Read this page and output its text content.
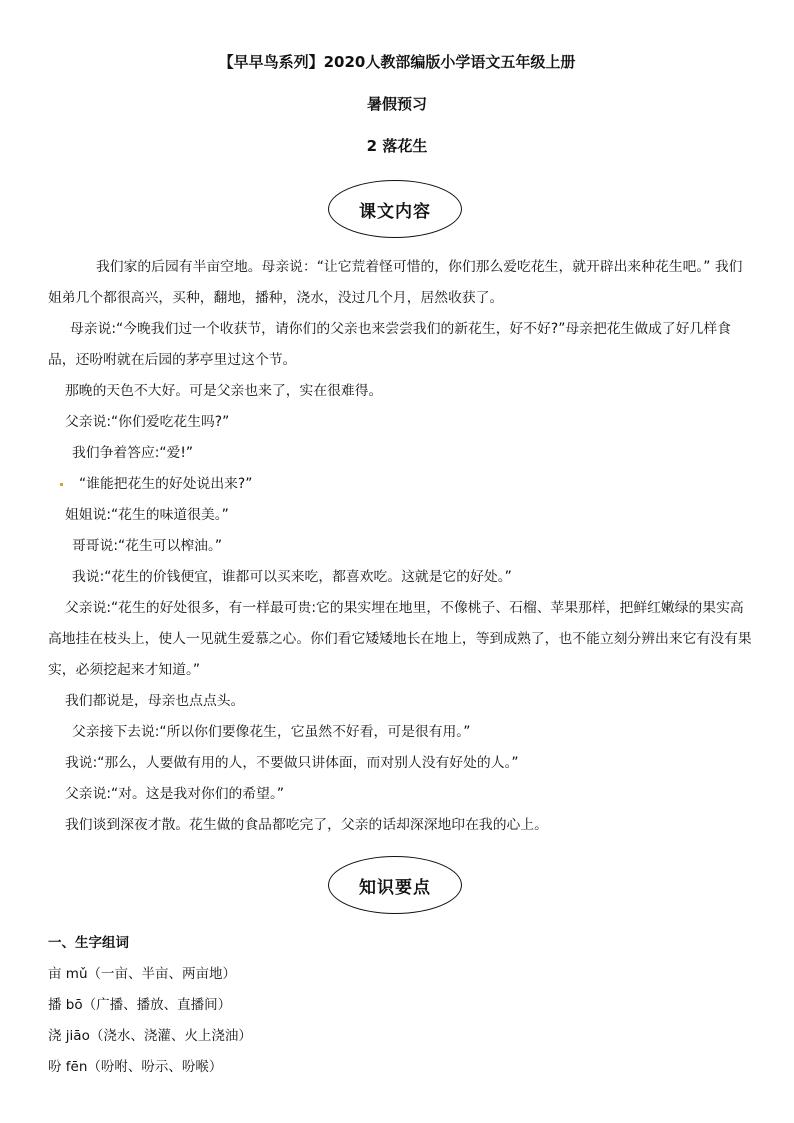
【早早鸟系列】2020人教部编版小学语文五年级上册

暑假预习

2 落花生

课文内容

我们家的后园有半亩空地。母亲说：“让它荒着怪可惜的，你们那么爱吃花生，就开辟出来种花生吧。” 我们姐弟几个都很高兴，买种，翻地，播种，浇水，没过几个月，居然收获了。

母亲说:“今晚我们过一个收获节，请你们的父亲也来尝尝我们的新花生，好不好?”母亲把花生做成了好几样食品，还吩咐就在后园的茅亭里过这个节。

那晚的天色不大好。可是父亲也来了，实在很难得。

父亲说:“你们爱吃花生吗?”

我们争着答应:“爱!”

“谁能把花生的好处说出来?”

姐姐说:“花生的味道很美。”

哥哥说:“花生可以榨油。”

我说:“花生的价钱便宜，谁都可以买来吃，都喜欢吃。这就是它的好处。”

父亲说:“花生的好处很多，有一样最可贵:它的果实埋在地里，不像桃子、石榴、苹果那样，把鲜红嫩绿的果实高高地挂在枝头上，使人一见就生爱慕之心。你们看它矮矮地长在地上，等到成熟了，也不能立刻分辨出来它有没有果实，必须挖起来才知道。”

我们都说是，母亲也点点头。

父亲接下去说:“所以你们要像花生，它虽然不好看，可是很有用。”

我说:“那么，人要做有用的人，不要做只讲体面，而对别人没有好处的人。”

父亲说:“对。这是我对你们的希望。”

我们谈到深夜才散。花生做的食品都吃完了，父亲的话却深深地印在我的心上。

知识要点

一、生字组词

亩 mǔ（一亩、半亩、两亩地）

播 bō（广播、播放、直播间）

浇 jiāo（浇水、浇灌、火上浇油）

吩 fēn（吩咐、吩示、吩喉）
